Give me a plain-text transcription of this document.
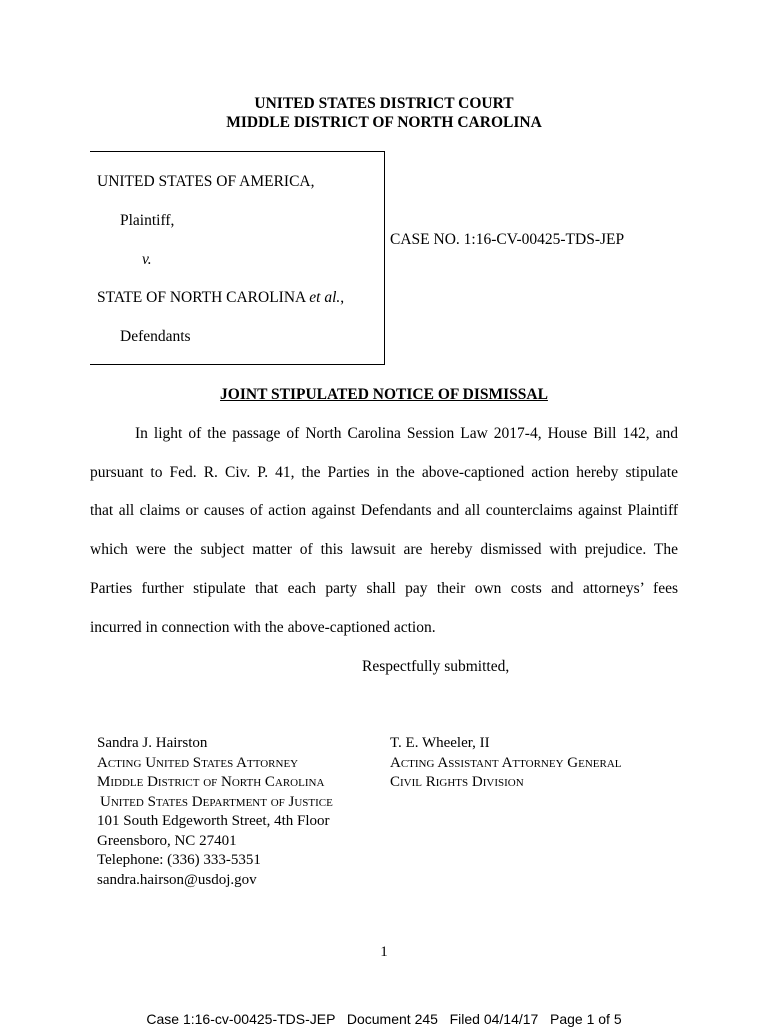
UNITED STATES DISTRICT COURT
MIDDLE DISTRICT OF NORTH CAROLINA
UNITED STATES OF AMERICA,
Plaintiff,
v.
STATE OF NORTH CAROLINA et al.,
Defendants
CASE NO. 1:16-CV-00425-TDS-JEP
JOINT STIPULATED NOTICE OF DISMISSAL
In light of the passage of North Carolina Session Law 2017-4, House Bill 142, and
pursuant to Fed. R. Civ. P. 41, the Parties in the above-captioned action hereby stipulate
that all claims or causes of action against Defendants and all counterclaims against Plaintiff
which were the subject matter of this lawsuit are hereby dismissed with prejudice. The
Parties further stipulate that each party shall pay their own costs and attorneys’ fees
incurred in connection with the above-captioned action.
Respectfully submitted,
Sandra J. Hairston
Acting United States Attorney
Middle District of North Carolina
United States Department of Justice
101 South Edgeworth Street, 4th Floor
Greensboro, NC 27401
Telephone: (336) 333-5351
sandra.hairson@usdoj.gov
T. E. Wheeler, II
Acting Assistant Attorney General
Civil Rights Division
1
Case 1:16-cv-00425-TDS-JEP   Document 245   Filed 04/14/17   Page 1 of 5
